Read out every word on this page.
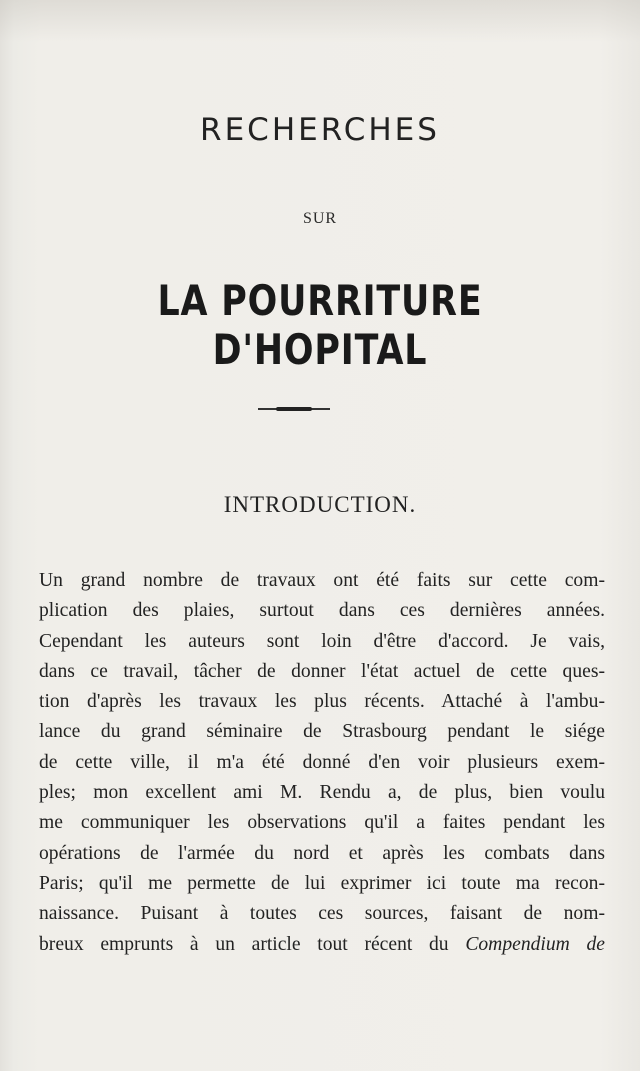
RECHERCHES
SUR
LA POURRITURE D'HOPITAL
INTRODUCTION.
Un grand nombre de travaux ont été faits sur cette com-
plication des plaies, surtout dans ces dernières années.
Cependant les auteurs sont loin d'être d'accord. Je vais,
dans ce travail, tâcher de donner l'état actuel de cette ques-
tion d'après les travaux les plus récents. Attaché à l'ambu-
lance du grand séminaire de Strasbourg pendant le siége
de cette ville, il m'a été donné d'en voir plusieurs exem-
ples; mon excellent ami M. Rendu a, de plus, bien voulu
me communiquer les observations qu'il a faites pendant les
opérations de l'armée du nord et après les combats dans
Paris; qu'il me permette de lui exprimer ici toute ma recon-
naissance. Puisant à toutes ces sources, faisant de nom-
breux emprunts à un article tout récent du Compendium de
